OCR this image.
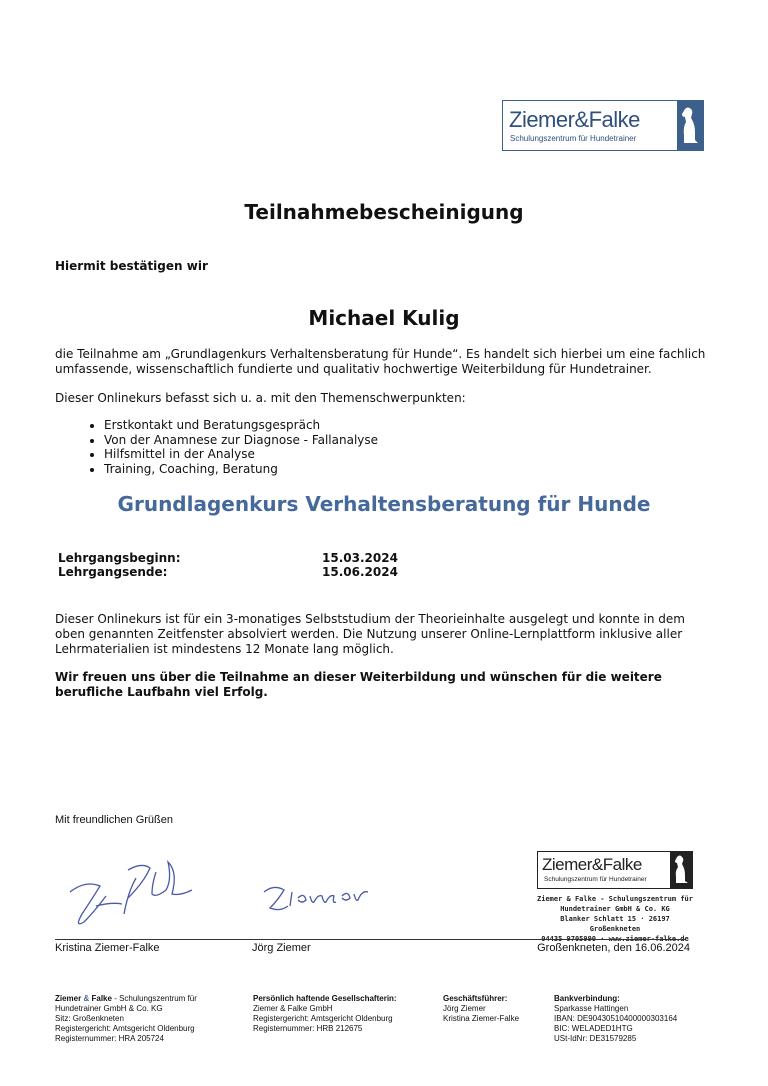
Ziemer&Falke
Schulungszentrum für Hundetrainer
Teilnahmebescheinigung
Hiermit bestätigen wir
Michael Kulig
die Teilnahme am „Grundlagenkurs Verhaltensberatung für Hunde“. Es handelt sich hierbei um eine fachlich umfassende, wissenschaftlich fundierte und qualitativ hochwertige Weiterbildung für Hundetrainer.
Dieser Onlinekurs befasst sich u. a. mit den Themenschwerpunkten:
• Erstkontakt und Beratungsgespräch
• Von der Anamnese zur Diagnose - Fallanalyse
• Hilfsmittel in der Analyse
• Training, Coaching, Beratung
Grundlagenkurs Verhaltensberatung für Hunde
Lehrgangsbeginn:	15.03.2024
Lehrgangsende:	15.06.2024
Dieser Onlinekurs ist für ein 3-monatiges Selbststudium der Theorieinhalte ausgelegt und konnte in dem oben genannten Zeitfenster absolviert werden. Die Nutzung unserer Online-Lernplattform inklusive aller Lehrmaterialien ist mindestens 12 Monate lang möglich.
Wir freuen uns über die Teilnahme an dieser Weiterbildung und wünschen für die weitere berufliche Laufbahn viel Erfolg.
Mit freundlichen Grüßen
Ziemer&Falke
Schulungszentrum für Hundetrainer
Ziemer & Falke - Schulungszentrum für
Hundetrainer GmbH & Co. KG
Blanker Schlatt 15 · 26197 Großenkneten
04435 9705990 · www.ziemer-falke.de
Kristina Ziemer-Falke	Jörg Ziemer	Großenkneten, den 16.06.2024
Ziemer & Falke - Schulungszentrum für
Hundetrainer GmbH & Co. KG
Sitz: Großenkneten
Registergericht: Amtsgericht Oldenburg
Registernummer: HRA 205724
Persönlich haftende Gesellschafterin:
Ziemer & Falke GmbH
Registergericht: Amtsgericht Oldenburg
Registernummer: HRB 212675
Geschäftsführer:
Jörg Ziemer
Kristina Ziemer-Falke
Bankverbindung:
Sparkasse Hattingen
IBAN: DE90430510400000303164
BIC: WELADED1HTG
USt-IdNr: DE31579285
